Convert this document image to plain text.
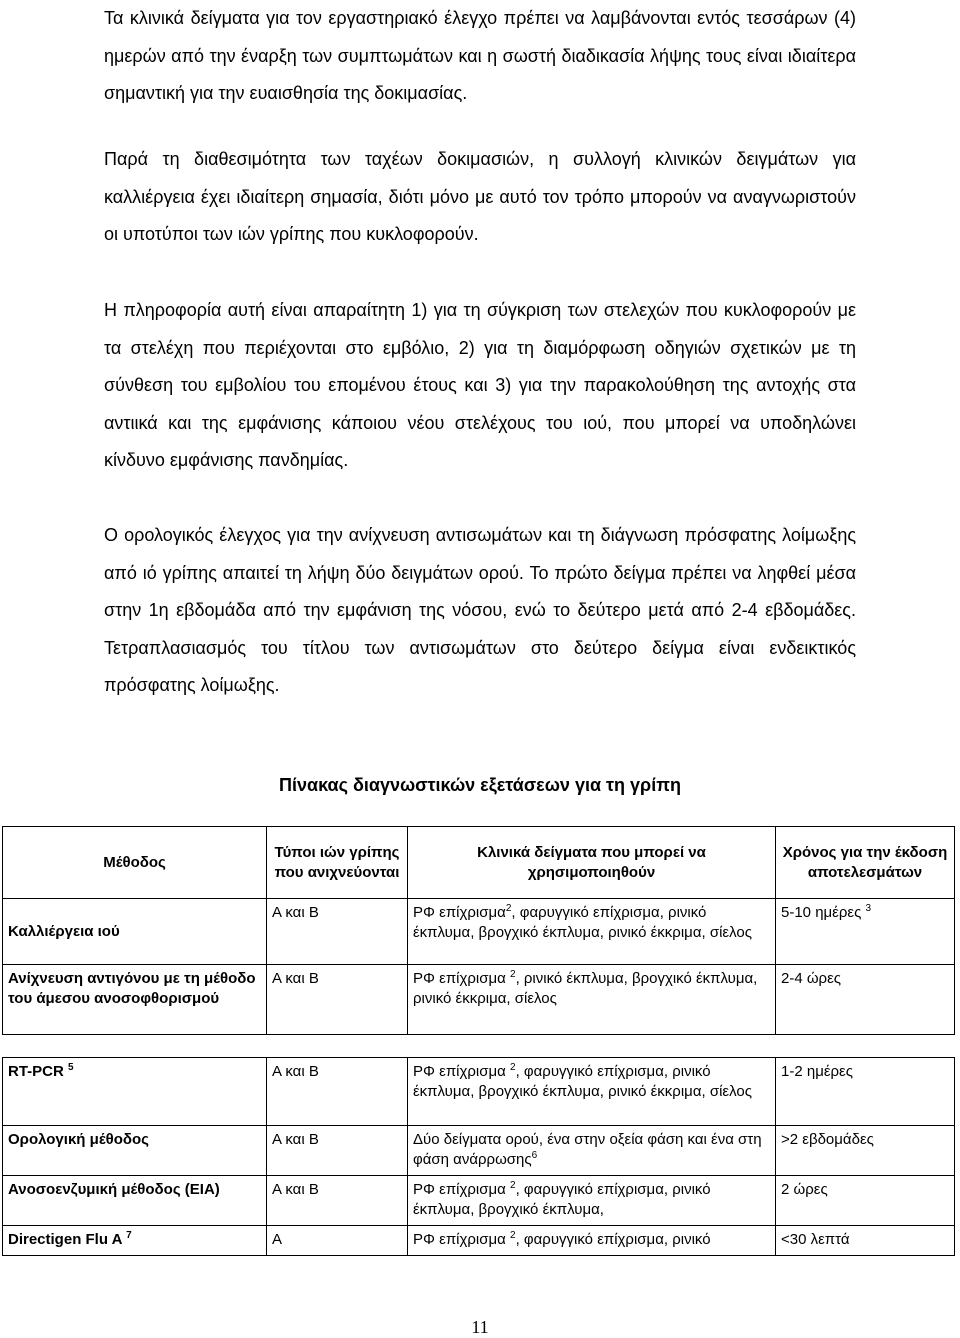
Τα κλινικά δείγματα για τον εργαστηριακό έλεγχο πρέπει να λαμβάνονται εντός τεσσάρων (4) ημερών από την έναρξη των συμπτωμάτων και η σωστή διαδικασία λήψης τους είναι ιδιαίτερα σημαντική για την ευαισθησία της δοκιμασίας.

Παρά τη διαθεσιμότητα των ταχέων δοκιμασιών, η συλλογή κλινικών δειγμάτων για καλλιέργεια έχει ιδιαίτερη σημασία, διότι μόνο με αυτό τον τρόπο μπορούν να αναγνωριστούν οι υποτύποι των ιών γρίπης που κυκλοφορούν.

Η πληροφορία αυτή είναι απαραίτητη 1) για τη σύγκριση των στελεχών που κυκλοφορούν με τα στελέχη που περιέχονται στο εμβόλιο, 2) για τη διαμόρφωση οδηγιών σχετικών με τη σύνθεση του εμβολίου του επομένου έτους και 3) για την παρακολούθηση της αντοχής στα αντιικά και της εμφάνισης κάποιου νέου στελέχους του ιού, που μπορεί να υποδηλώνει κίνδυνο εμφάνισης πανδημίας.

Ο ορολογικός έλεγχος για την ανίχνευση αντισωμάτων και τη διάγνωση πρόσφατης λοίμωξης από ιό γρίπης απαιτεί τη λήψη δύο δειγμάτων ορού. Το πρώτο δείγμα πρέπει να ληφθεί μέσα στην 1η εβδομάδα από την εμφάνιση της νόσου, ενώ το δεύτερο μετά από 2-4 εβδομάδες. Τετραπλασιασμός του τίτλου των αντισωμάτων στο δεύτερο δείγμα είναι ενδεικτικός πρόσφατης λοίμωξης.

Πίνακας διαγνωστικών εξετάσεων για τη γρίπη

Μέθοδος	Τύποι ιών γρίπης που ανιχνεύονται	Κλινικά δείγματα που μπορεί να χρησιμοποιηθούν	Χρόνος για την έκδοση αποτελεσμάτων
Καλλιέργεια ιού	Α και Β	ΡΦ επίχρισμα$^2$, φαρυγγικό επίχρισμα, ρινικό έκπλυμα, βρογχικό έκπλυμα, ρινικό έκκριμα, σίελος	5-10 ημέρες $^3$
Ανίχνευση αντιγόνου με τη μέθοδο του άμεσου ανοσοφθορισμού	Α και Β	ΡΦ επίχρισμα $^2$, ρινικό έκπλυμα, βρογχικό έκπλυμα, ρινικό έκκριμα, σίελος	2-4 ώρες

RT-PCR $^5$	Α και Β	ΡΦ επίχρισμα $^2$, φαρυγγικό επίχρισμα, ρινικό έκπλυμα, βρογχικό έκπλυμα, ρινικό έκκριμα, σίελος	1-2 ημέρες
Ορολογική μέθοδος	Α και Β	Δύο δείγματα ορού, ένα στην οξεία φάση και ένα στη φάση ανάρρωσης$^6$	>2 εβδομάδες
Ανοσοενζυμική μέθοδος (EIA)	Α και Β	ΡΦ επίχρισμα $^2$, φαρυγγικό επίχρισμα, ρινικό έκπλυμα, βρογχικό έκπλυμα,	2 ώρες
Directigen Flu A $^7$	Α	ΡΦ επίχρισμα $^2$, φαρυγγικό επίχρισμα, ρινικό	<30 λεπτά

11
